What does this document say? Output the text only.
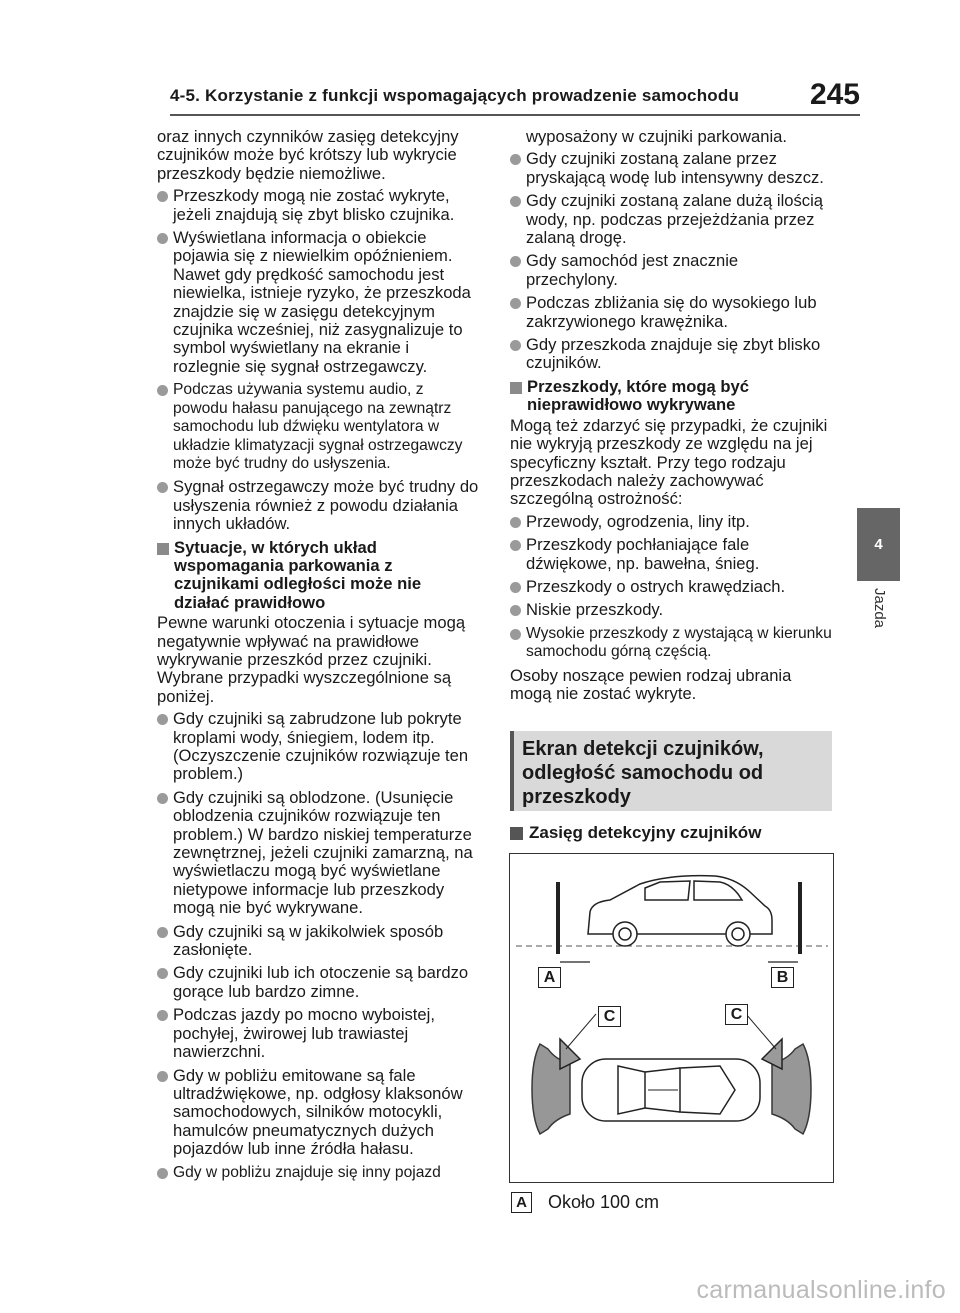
4-5. Korzystanie z funkcji wspomagających prowadzenie samochodu 245

oraz innych czynników zasięg detekcyjny czujników może być krótszy lub wykrycie przeszkody będzie niemożliwe.

Przeszkody mogą nie zostać wykryte, jeżeli znajdują się zbyt blisko czujnika.
Wyświetlana informacja o obiekcie pojawia się z niewielkim opóźnieniem. Nawet gdy prędkość samochodu jest niewielka, istnieje ryzyko, że przeszkoda znajdzie się w zasięgu detekcyjnym czujnika wcześniej, niż zasygnalizuje to symbol wyświetlany na ekranie i rozlegnie się sygnał ostrzegawczy.
Podczas używania systemu audio, z powodu hałasu panującego na zewnątrz samochodu lub dźwięku wentylatora w układzie klimatyzacji sygnał ostrzegawczy może być trudny do usłyszenia.
Sygnał ostrzegawczy może być trudny do usłyszenia również z powodu działania innych układów.
Sytuacje, w których układ wspomagania parkowania z czujnikami odległości może nie działać prawidłowo

Pewne warunki otoczenia i sytuacje mogą negatywnie wpływać na prawidłowe wykrywanie przeszkód przez czujniki. Wybrane przypadki wyszczególnione są poniżej.

Gdy czujniki są zabrudzone lub pokryte kroplami wody, śniegiem, lodem itp. (Oczyszczenie czujników rozwiązuje ten problem.)
Gdy czujniki są oblodzone. (Usunięcie oblodzenia czujników rozwiązuje ten problem.) W bardzo niskiej temperaturze zewnętrznej, jeżeli czujniki zamarzną, na wyświetlaczu mogą być wyświetlane nietypowe informacje lub przeszkody mogą nie być wykrywane.
Gdy czujniki są w jakikolwiek sposób zasłonięte.
Gdy czujniki lub ich otoczenie są bardzo gorące lub bardzo zimne.
Podczas jazdy po mocno wyboistej, pochyłej, żwirowej lub trawiastej nawierzchni.
Gdy w pobliżu emitowane są fale ultradźwiękowe, np. odgłosy klaksonów samochodowych, silników motocykli, hamulców pneumatycznych dużych pojazdów lub inne źródła hałasu.
Gdy w pobliżu znajduje się inny pojazd

wyposażony w czujniki parkowania.

Gdy czujniki zostaną zalane przez pryskającą wodę lub intensywny deszcz.
Gdy czujniki zostaną zalane dużą ilością wody, np. podczas przejeżdżania przez zalaną drogę.
Gdy samochód jest znacznie przechylony.
Podczas zbliżania się do wysokiego lub zakrzywionego krawężnika.
Gdy przeszkoda znajduje się zbyt blisko czujników.
Przeszkody, które mogą być nieprawidłowo wykrywane

Mogą też zdarzyć się przypadki, że czujniki nie wykryją przeszkody ze względu na jej specyficzny kształt. Przy tego rodzaju przeszkodach należy zachowywać szczególną ostrożność:

Przewody, ogrodzenia, liny itp.
Przeszkody pochłaniające fale dźwiękowe, np. bawełna, śnieg.
Przeszkody o ostrych krawędziach.
Niskie przeszkody.
Wysokie przeszkody z wystającą w kierunku samochodu górną częścią.

Osoby noszące pewien rodzaj ubrania mogą nie zostać wykryte.

4
Jazda
Ekran detekcji czujników, odległość samochodu od przeszkody
Zasięg detekcyjny czujników
A	B
C	C
A Około 100 cm
carmanualsonline.info
